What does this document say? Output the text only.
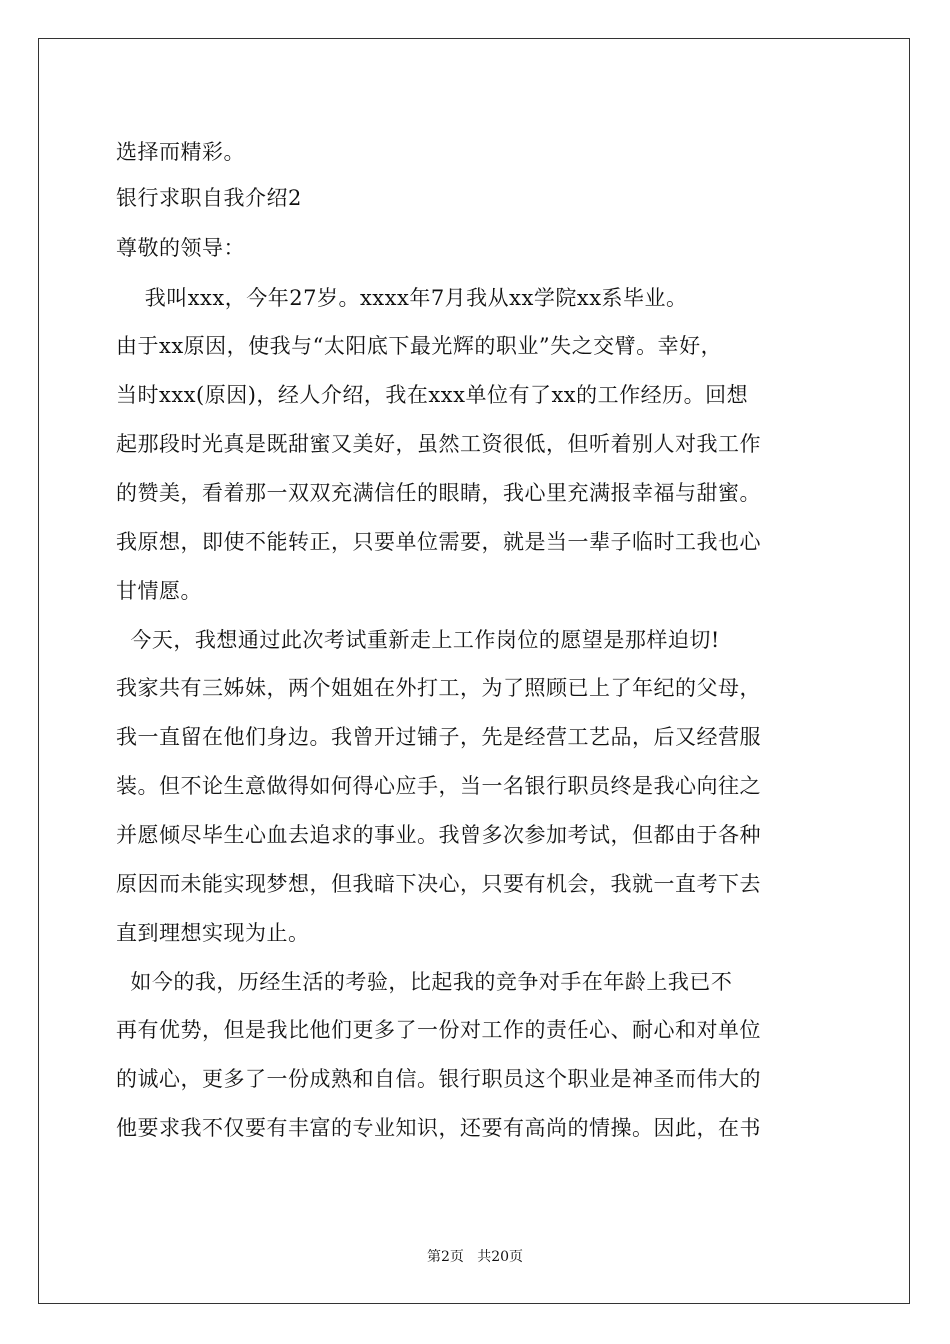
选择而精彩。
银行求职自我介绍2
尊敬的领导：
我叫xxx，今年27岁。xxxx年7月我从xx学院xx系毕业。
由于xx原因，使我与“太阳底下最光辉的职业”失之交臂。幸好，
当时xxx(原因)，经人介绍，我在xxx单位有了xx的工作经历。回想
起那段时光真是既甜蜜又美好，虽然工资很低，但听着别人对我工作
的赞美，看着那一双双充满信任的眼睛，我心里充满报幸福与甜蜜。
我原想，即使不能转正，只要单位需要，就是当一辈子临时工我也心
甘情愿。
今天，我想通过此次考试重新走上工作岗位的愿望是那样迫切!
我家共有三姊妹，两个姐姐在外打工，为了照顾已上了年纪的父母，
我一直留在他们身边。我曾开过铺子，先是经营工艺品，后又经营服
装。但不论生意做得如何得心应手，当一名银行职员终是我心向往之
并愿倾尽毕生心血去追求的事业。我曾多次参加考试，但都由于各种
原因而未能实现梦想，但我暗下决心，只要有机会，我就一直考下去
直到理想实现为止。
如今的我，历经生活的考验，比起我的竞争对手在年龄上我已不
再有优势，但是我比他们更多了一份对工作的责任心、耐心和对单位
的诚心，更多了一份成熟和自信。银行职员这个职业是神圣而伟大的
他要求我不仅要有丰富的专业知识，还要有高尚的情操。因此，在书
第2页   共20页
